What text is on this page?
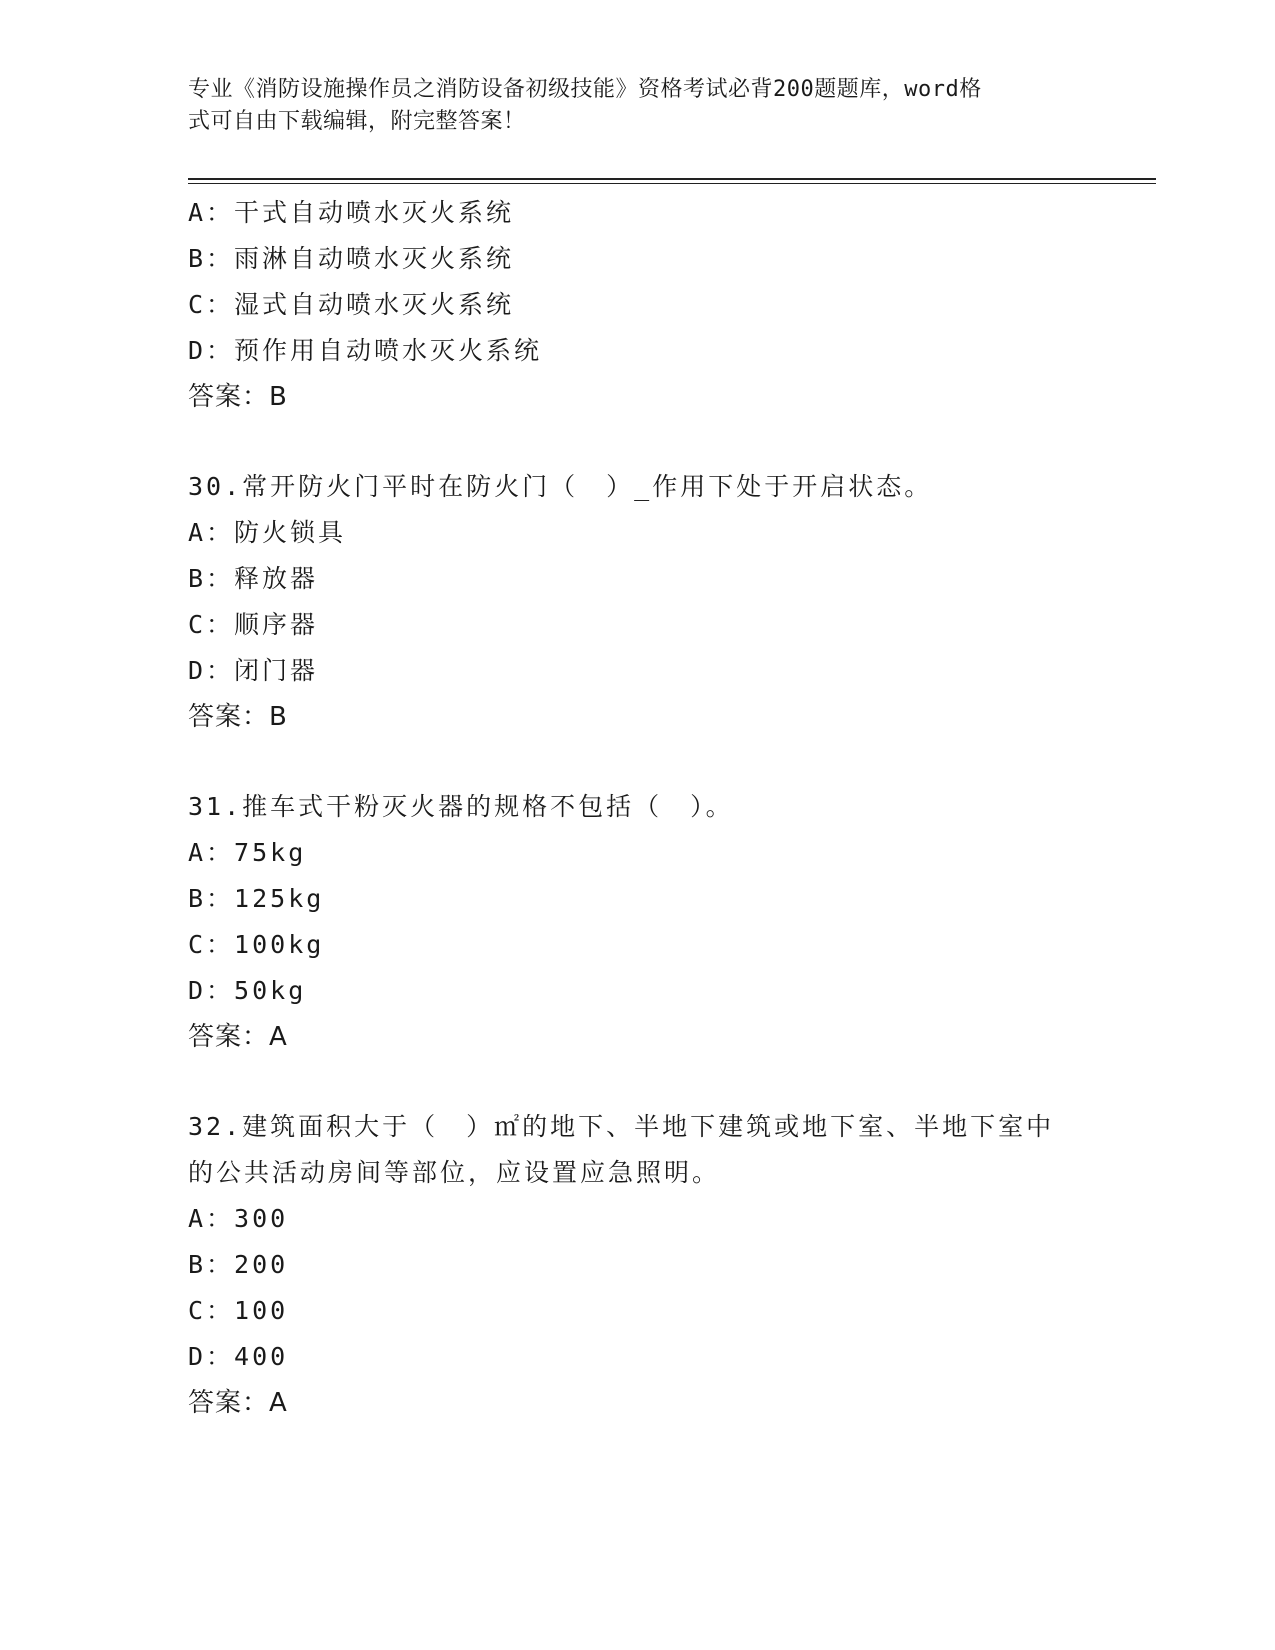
专业《消防设施操作员之消防设备初级技能》资格考试必背200题题库，word格
式可自由下载编辑，附完整答案！
A：干式自动喷水灭火系统
B：雨淋自动喷水灭火系统
C：湿式自动喷水灭火系统
D：预作用自动喷水灭火系统
答案：B
30.常开防火门平时在防火门（　）_作用下处于开启状态。
A：防火锁具
B：释放器
C：顺序器
D：闭门器
答案：B
31.推车式干粉灭火器的规格不包括（　）。
A：75kg
B：125kg
C：100kg
D：50kg
答案：A
32.建筑面积大于（　）㎡的地下、半地下建筑或地下室、半地下室中
的公共活动房间等部位，应设置应急照明。
A：300
B：200
C：100
D：400
答案：A
